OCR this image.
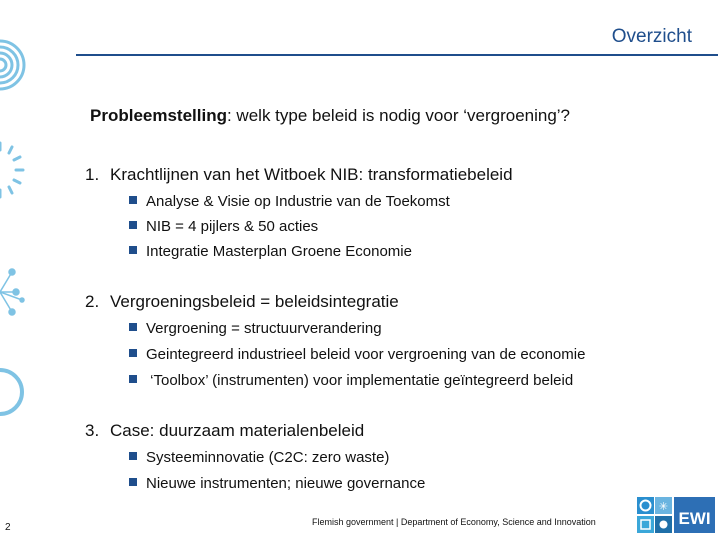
Overzicht
Probleemstelling: welk type beleid is nodig voor ‘vergroening’?
1. Krachtlijnen van het Witboek NIB: transformatiebeleid
Analyse & Visie op Industrie van de Toekomst
NIB = 4 pijlers & 50 acties
Integratie Masterplan Groene Economie
2. Vergroeningsbeleid = beleidsintegratie
Vergroening = structuurverandering
Geintegreerd industrieel beleid voor vergroening van de economie
‘Toolbox’ (instrumenten) voor implementatie geïntegreerd beleid
3. Case: duurzaam materialenbeleid
Systeeminnovatie (C2C: zero waste)
Nieuwe instrumenten; nieuwe governance
2	Flemish government | Department of Economy, Science and Innovation
✳
EWI
